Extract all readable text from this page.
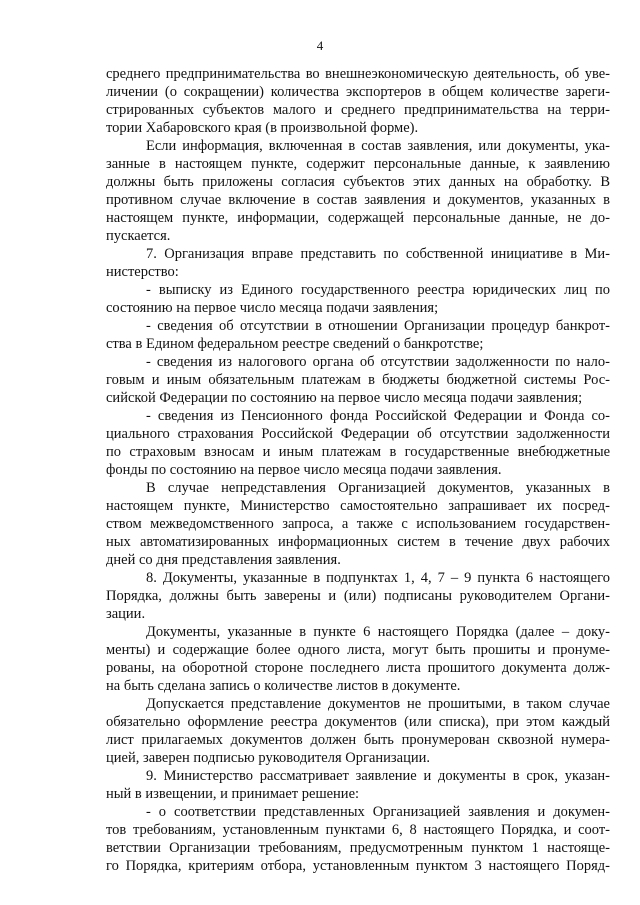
4
среднего предпринимательства во внешнеэкономическую деятельность, об уве-
личении (о сокращении) количества экспортеров в общем количестве зареги-
стрированных субъектов малого и среднего предпринимательства на терри-
тории Хабаровского края (в произвольной форме).
Если информация, включенная в состав заявления, или документы, ука-
занные в настоящем пункте, содержит персональные данные, к заявлению
должны быть приложены согласия субъектов этих данных на обработку. В
противном случае включение в состав заявления и документов, указанных в
настоящем пункте, информации, содержащей персональные данные, не до-
пускается.
7. Организация вправе представить по собственной инициативе в Ми-
нистерство:
- выписку из Единого государственного реестра юридических лиц по
состоянию на первое число месяца подачи заявления;
- сведения об отсутствии в отношении Организации процедур банкрот-
ства в Едином федеральном реестре сведений о банкротстве;
- сведения из налогового органа об отсутствии задолженности по нало-
говым и иным обязательным платежам в бюджеты бюджетной системы Рос-
сийской Федерации по состоянию на первое число месяца подачи заявления;
- сведения из Пенсионного фонда Российской Федерации и Фонда со-
циального страхования Российской Федерации об отсутствии задолженности
по страховым взносам и иным платежам в государственные внебюджетные
фонды по состоянию на первое число месяца подачи заявления.
В случае непредставления Организацией документов, указанных в
настоящем пункте, Министерство самостоятельно запрашивает их посред-
ством межведомственного запроса, а также с использованием государствен-
ных автоматизированных информационных систем в течение двух рабочих
дней со дня представления заявления.
8. Документы, указанные в подпунктах 1, 4, 7 – 9 пункта 6 настоящего
Порядка, должны быть заверены и (или) подписаны руководителем Органи-
зации.
Документы, указанные в пункте 6 настоящего Порядка (далее – доку-
менты) и содержащие более одного листа, могут быть прошиты и пронуме-
рованы, на оборотной стороне последнего листа прошитого документа долж-
на быть сделана запись о количестве листов в документе.
Допускается представление документов не прошитыми, в таком случае
обязательно оформление реестра документов (или списка), при этом каждый
лист прилагаемых документов должен быть пронумерован сквозной нумера-
цией, заверен подписью руководителя Организации.
9. Министерство рассматривает заявление и документы в срок, указан-
ный в извещении, и принимает решение:
- о соответствии представленных Организацией заявления и докумен-
тов требованиям, установленным пунктами 6, 8 настоящего Порядка, и соот-
ветствии Организации требованиям, предусмотренным пунктом 1 настояще-
го Порядка, критериям отбора, установленным пунктом 3 настоящего Поряд-
